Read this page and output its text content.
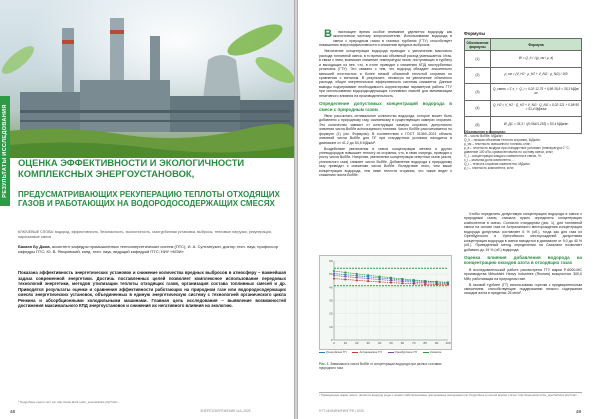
РЕЗУЛЬТАТЫ ИССЛЕДОВАНИЯ ОЦЕНКА ЭФФЕКТИВНОСТИ И ЭКОЛОГИЧНОСТИ КОМПЛЕКСНЫХ ЭНЕРГОУСТАНОВОК,
ПРЕДУСМАТРИВАЮЩИХ РЕКУПЕРАЦИЮ ТЕПЛОТЫ ОТХОДЯЩИХ ГАЗОВ И РАБОТАЮЩИХ НА ВОДОРОДОСОДЕРЖАЩИХ СМЕСЯХ
КЛЮЧЕВЫЕ СЛОВА: водород, эффективность, безопасность, экологичность, газотурбинная установка, выбросы, тепловые нагрузки, рекуперация, парогазовые смеси
Бакаев Бу Джиа, ассистент кафедры промышленных теплоэнергетических систем (ПТС); И. А. Султангузин, доктор техн. наук, профессор кафедры ПТС; Ю. В. Яворовский, канд. техн. наук, ведущий кафедрой ПТС; НИУ «МЭИ»
Показана эффективность энергетических установок и снижение количества вредных выбросов в атмосферу – важнейшая задача современной энергетики. Достичь поставленных целей позволяет комплексное использование передовых технологий энергетики, методов утилизации теплоты отходящих газов, организация состава топливных смесей и др. Приводятся результаты оценки и сравнения эффективности работающих на природном газе или водородосодержащих смесях энергетических установок, объединенных в единую энергетическую систему с технологией органического цикла Ренкина и абсорбционными холодильными машинами. Главная цель исследования – выявление возможностей достижения максимального КПД энергоустановок и снижения их негативного влияния на экологию.
* Подробнее пресс-тест на: http://www.abok.ru/for_spec/articles.php?nid=...
48	ЭНЕРГОСБЕРЕЖЕНИЕ №4–2025

Внастоящее время особое внимание уделяется водороду как экологически чистому энергоносителю. Использование водорода в смеси с природным газом в газовых турбинах (ГТУ) способствует повышению энергоэффективности и снижению вредных выбросов.

Увеличение концентрации водорода приводит к увеличению массового расхода топливной смеси, в то время как объемный расход уменьшается. Итак, в связи с этим, возникает снижение температуры газов, поступающих в турбину и выходящих из нее, что, в итоге приводит к снижению КПД газотурбинных установок (ГТУ). Это связано с тем, что водород обладает значительно меньшей плотностью и более низкой объемной теплотой сгорания по сравнению с метаном. В результате, несмотря на увеличение объемного расхода, общее энергетическое эффективность системы снижается. Данные выводы подчеркивают необходимость корректировки параметров работы ГТУ при использовании водородсодержащих топливных смесей для минимизации негативного влияния на производительность.

Определение допустимых концентраций водорода в смеси с природным газом

Явно рассчитать оптимальное количество водорода, которое может быть добавлено к природному газу, сжигаемому в существующих камерах сгорания. Это количество зависит от конструкции камеры сгорания, допустимого значения числа Воббе используемого топлива. Число Воббе рассчитывается по формуле (1) (см. Формулы). В соответствии с ГОСТ 31369–2021 область значений числа Воббе для ПГ при стандартных условиях находится в диапазоне от 41,2 до 54,5 МДж/м³.

Воздействие увеличения в смеси концентрации метана и других углеводородов повышает теплоту их сгорания, что, в свою очередь, приводит к росту числа Воббе. Напротив, увеличение концентрации инертных газов (азота, углекислого газа) снижает число Воббе. Добавление водорода к природному газу приводит к снижению числа Воббе. Вследствие этого, чем выше концентрация водорода, тем ниже теплота сгорания, что также ведет к снижению числа Воббе.

Формулы
Обозначение формулы	Формула
(1)	W = Q_h / √(ρ_см / ρ_в)
(2)	ρ_см = (V_H2 · ρ_H2 + V_NG · ρ_NG) / 100
(3)	Q_смесь = Σ x_i · Q_i = 0,02·12,75 + 0,98·35,8 = 35,3 МДж/м³
(4)	Q_H2 = V_H2 · Q_H2 + V_NG · Q_NG = 0,02·121 + 0,98·50 = 51,4 МДж/кг
(5)	W_ДС = 35,3 / √(0,564/1,293) = 53,4 МДж/м³
Обозначения в формулах:
W – число Воббе, МДж/м³;
Q_h – низшая объемная теплота сгорания, МДж/м³;
ρ_см – плотность смешанного топлива, кг/м³;
ρ_в – плотность воздуха при стандартных условиях (температура 0 °C, давление 100 кПа, кривая величина по составу смеси, кг/м³;
V_i – концентрация каждого компонента в смеси, %;
x_i – мольная доля компонента, ...
Q_i – теплота сгорания компонента, МДж/м³;
ρ_i – плотность компонента, кг/м³

Чтобы определить допустимую концентрацию водорода в смеси с природным газом, сначала нужно определить концентрацию компонентов в смеси. Согласно стандартам (рис. 1), для топливной смеси на основе газа из Астраханского месторождения концентрация водорода допустима составляет 6 % (об.), тогда как для газа из Оренбургского и Уренгойского месторождений допустимая концентрация водорода в смеси находится в диапазоне от 9,0 до 40 % (об.). Приведенный метод определения на Сахалине позволяет добавить до 19 % (об.) водорода.

Оценка влияния добавления водорода на концентрацию оксидов азота в отходящих газах

В исследовательской работе рассмотрена ГТУ марки Р-6000-МС производства Mitsubishi Heavy Industries (Япония) мощностью 300,0 МВт, работающая на природном газе.

В газовой турбине (ГТ) использованы горелки с предварительным смешением, способствующие поддержанию низкого содержания оксидов азота в пределах 25 мг/м³.

0
10
20
30
40
50
60
0	10	20	30	40	50	60	70	80	90 100
Уренгойское ГП	Астраханское ГП	Оренбургское ГП	Сахалин
Рис. 1. Зависимость числа Воббе от концентрации водорода при разных составах природного газа
¹ Приведенные марки газа Н. является водород роды и пламя стабилизированы повторяемым экспериментом. Подробнее в полной версии статьи: http://www.abok.ru/for_spec/articles.php?nid=...
НТТ-ИНЖИНИРИНГ.РФ | 2025	49
